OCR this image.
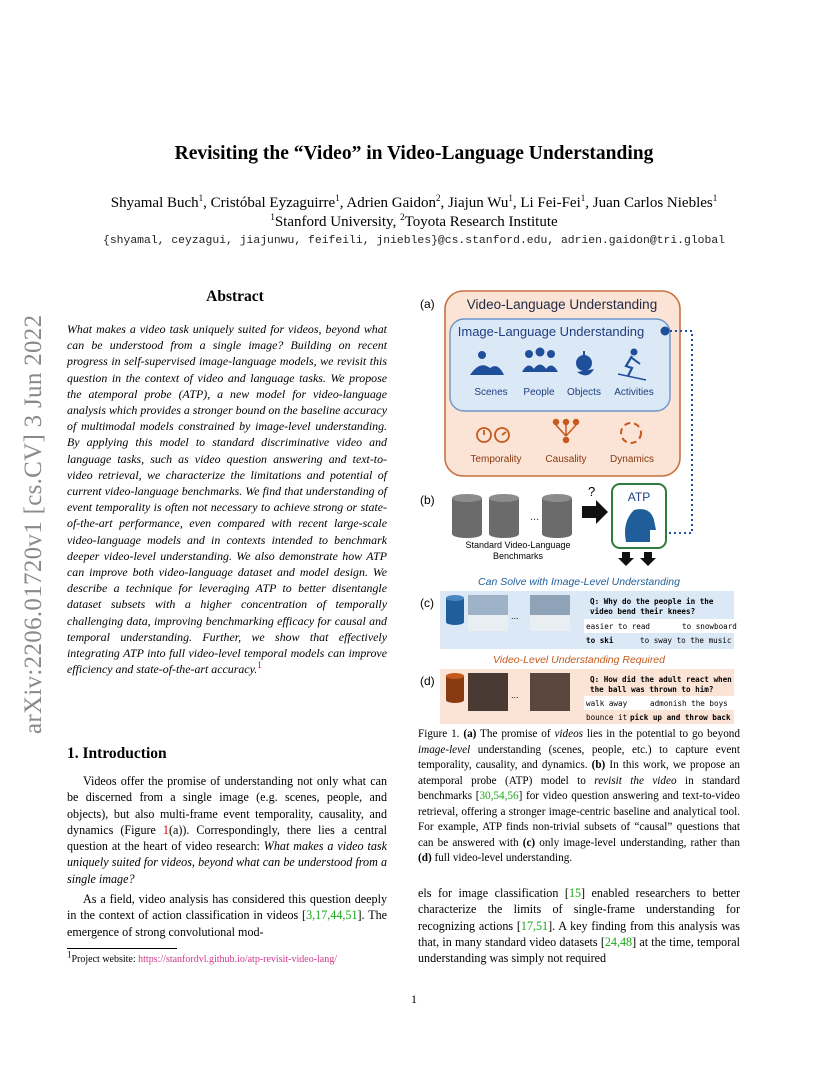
arXiv:2206.01720v1 [cs.CV] 3 Jun 2022
Revisiting the “Video” in Video-Language Understanding
Shyamal Buch$^1$, Cristóbal Eyzaguirre$^1$, Adrien Gaidon$^2$, Jiajun Wu$^1$, Li Fei-Fei$^1$, Juan Carlos Niebles$^1$
$^1$Stanford University, $^2$Toyota Research Institute
{shyamal, ceyzagui, jiajunwu, feifeili, jniebles}@cs.stanford.edu, adrien.gaidon@tri.global
Abstract
What makes a video task uniquely suited for videos, beyond what can be understood from a single image? Building on recent progress in self-supervised image-language models, we revisit this question in the context of video and language tasks. We propose the atemporal probe (ATP), a new model for video-language analysis which provides a stronger bound on the baseline accuracy of multimodal models constrained by image-level understanding. By applying this model to standard discriminative video and language tasks, such as video question answering and text-to-video retrieval, we characterize the limitations and potential of current video-language benchmarks. We find that understanding of event temporality is often not necessary to achieve strong or state-of-the-art performance, even compared with recent large-scale video-language models and in contexts intended to benchmark deeper video-level understanding. We also demonstrate how ATP can improve both video-language dataset and model design. We describe a technique for leveraging ATP to better disentangle dataset subsets with a higher concentration of temporally challenging data, improving benchmarking efficacy for causal and temporal understanding. Further, we show that effectively integrating ATP into full video-level temporal models can improve efficiency and state-of-the-art accuracy.$^1$
1. Introduction

Videos offer the promise of understanding not only what can be discerned from a single image (e.g. scenes, people, and objects), but also multi-frame event temporality, causality, and dynamics (Figure 1(a)). Correspondingly, there lies a central question at the heart of video research: What makes a video task uniquely suited for videos, beyond what can be understood from a single image?

As a field, video analysis has considered this question deeply in the context of action classification in videos [3,17,44,51]. The emergence of strong convolutional mod-

$^1$Project website: https://stanfordvl.github.io/atp-revisit-video-lang/
1
(a) Video-Language Understanding
Image-Language Understanding
Scenes People Objects Activities
Temporality Causality Dynamics
(b)
...
Standard Video-Language
Benchmarks
?	ATP
Can Solve with Image-Level Understanding
(c)
...
Q: Why do the people in the
video bend their knees?
easier to read	to snowboard
to ski	to sway to the music
Video-Level Understanding Required
(d)
...
Q: How did the adult react when
the ball was thrown to him?
walk away	admonish the boys
bounce it pick up and throw back
Figure 1. (a) The promise of videos lies in the potential to go beyond image-level understanding (scenes, people, etc.) to capture event temporality, causality, and dynamics. (b) In this work, we propose an atemporal probe (ATP) model to revisit the video in standard benchmarks [30,54,56] for video question answering and text-to-video retrieval, offering a stronger image-centric baseline and analytical tool. For example, ATP finds non-trivial subsets of “causal” questions that can be answered with (c) only image-level understanding, rather than (d) full video-level understanding.
els for image classification [15] enabled researchers to better characterize the limits of single-frame understanding for recognizing actions [17,51]. A key finding from this analysis was that, in many standard video datasets [24,48] at the time, temporal understanding was simply not required
